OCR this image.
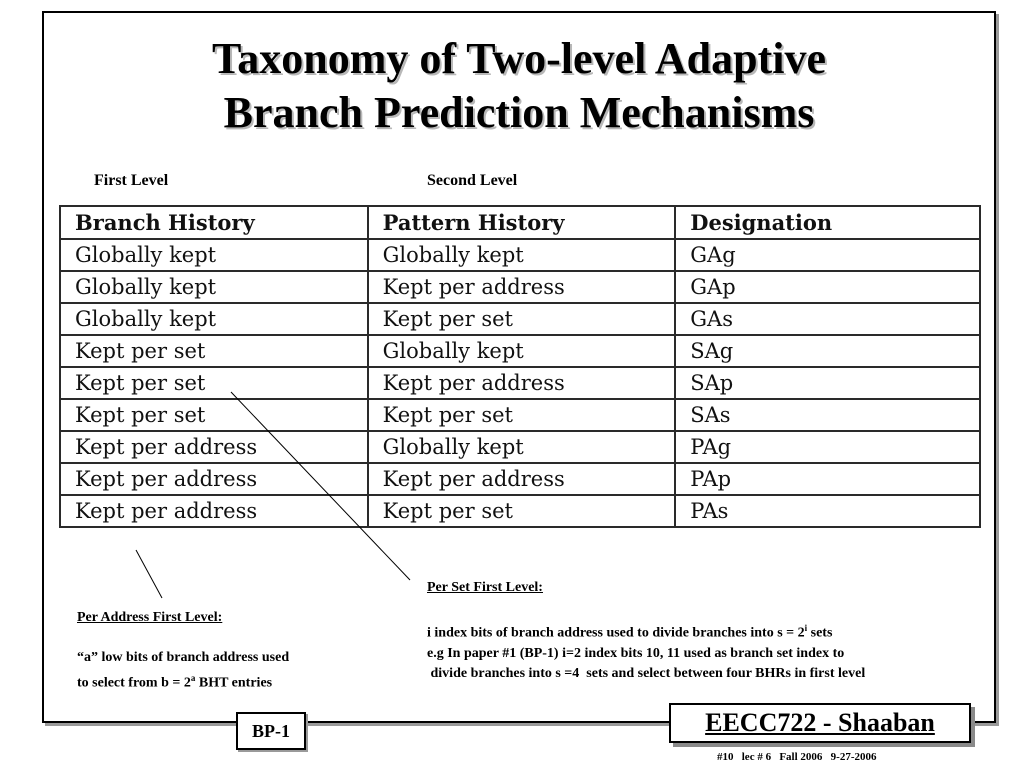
Taxonomy of Two-level Adaptive
Branch Prediction Mechanisms
First Level	Second Level
Branch History	Pattern History	Designation
Globally kept	Globally kept	GAg
Globally kept	Kept per address	GAp
Globally kept	Kept per set	GAs
Kept per set	Globally kept	SAg
Kept per set	Kept per address	SAp
Kept per set	Kept per set	SAs
Kept per address	Globally kept	PAg
Kept per address	Kept per address	PAp
Kept per address	Kept per set	PAs
Per Address First Level:
“a” low bits of branch address used
to select from $b = 2^a$ BHT entries
Per Set First Level:
i index bits of branch address used to divide branches into $s = 2^i$ sets
e.g In paper #1 (BP-1) i=2 index bits 10, 11 used as branch set index to
divide branches into s =4  sets and select between four BHRs in first level
BP-1	EECC722 - Shaaban
#10   lec # 6   Fall 2006   9-27-2006
